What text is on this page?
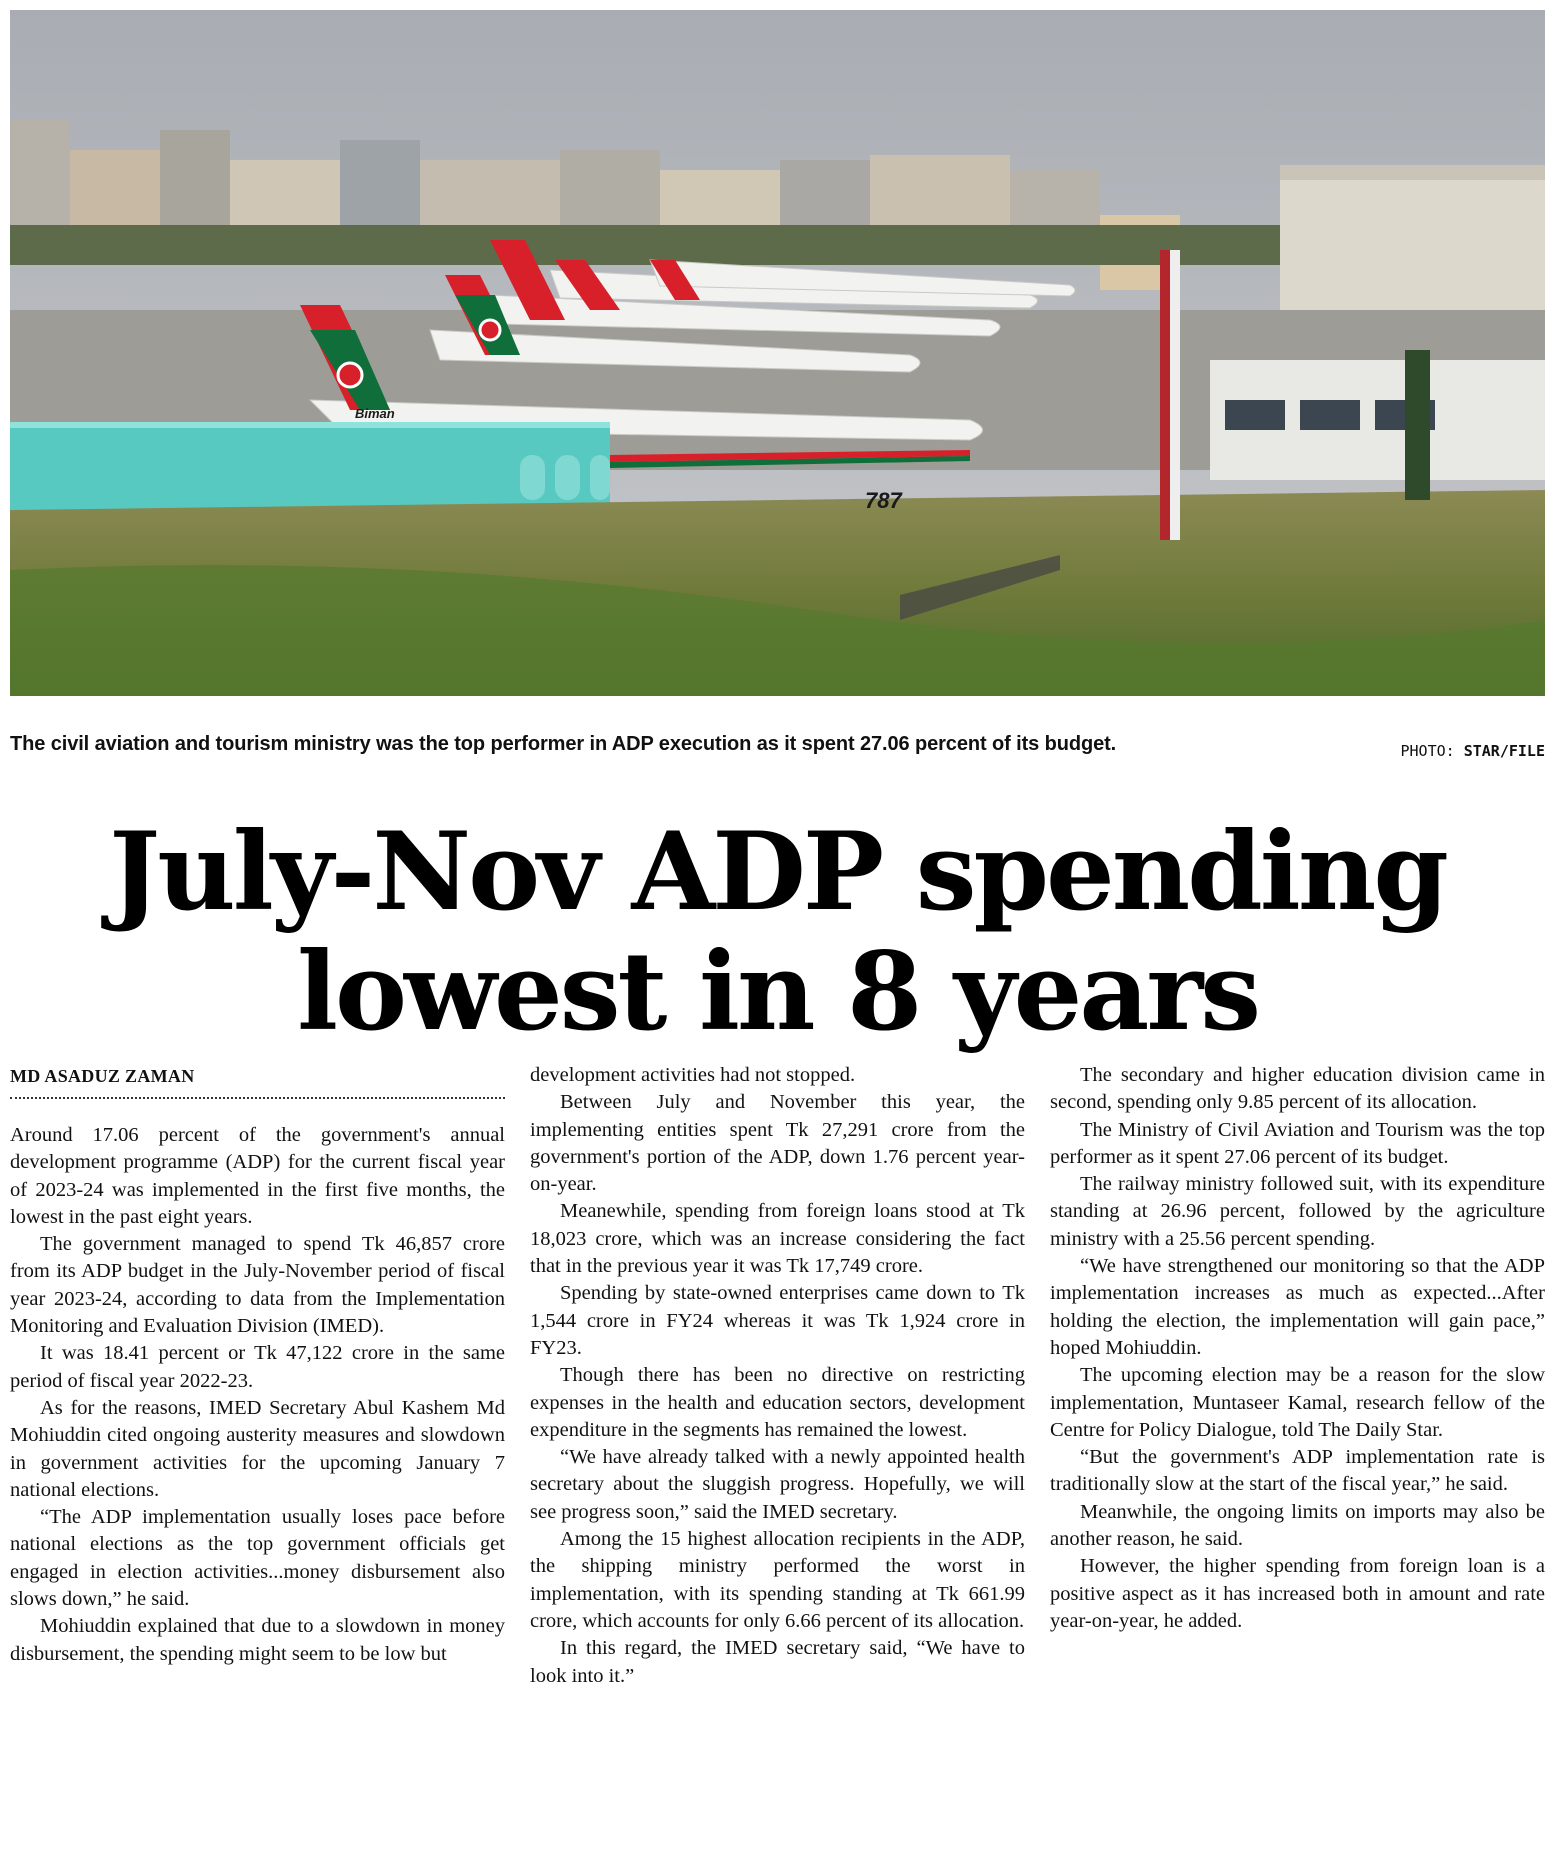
Biman
787
The civil aviation and tourism ministry was the top performer in ADP execution as it spent 27.06 percent of its budget.	PHOTO: STAR/FILE
July-Nov ADP spending
lowest in 8 years
MD ASADUZ ZAMAN

Around 17.06 percent of the government's annual development programme (ADP) for the current fiscal year of 2023-24 was implemented in the first five months, the lowest in the past eight years.

The government managed to spend Tk 46,857 crore from its ADP budget in the July-November period of fiscal year 2023-24, according to data from the Implementation Monitoring and Evaluation Division (IMED).

It was 18.41 percent or Tk 47,122 crore in the same period of fiscal year 2022-23.

As for the reasons, IMED Secretary Abul Kashem Md Mohiuddin cited ongoing austerity measures and slowdown in government activities for the upcoming January 7 national elections.

“The ADP implementation usually loses pace before national elections as the top government officials get engaged in election activities...money disbursement also slows down,” he said.

Mohiuddin explained that due to a slowdown in money disbursement, the spending might seem to be low but

development activities had not stopped.

Between July and November this year, the implementing entities spent Tk 27,291 crore from the government's portion of the ADP, down 1.76 percent year-on-year.

Meanewhile, spending from foreign loans stood at Tk 18,023 crore, which was an increase considering the fact that in the previous year it was Tk 17,749 crore.

Spending by state-owned enterprises came down to Tk 1,544 crore in FY24 whereas it was Tk 1,924 crore in FY23.

Though there has been no directive on restricting expenses in the health and education sectors, development expenditure in the segments has remained the lowest.

“We have already talked with a newly appointed health secretary about the sluggish progress. Hopefully, we will see progress soon,” said the IMED secretary.

Among the 15 highest allocation recipients in the ADP, the shipping ministry performed the worst in implementation, with its spending standing at Tk 661.99 crore, which accounts for only 6.66 percent of its allocation.

In this regard, the IMED secretary said, “We have to look into it.”

The secondary and higher education division came in second, spending only 9.85 percent of its allocation.

The Ministry of Civil Aviation and Tourism was the top performer as it spent 27.06 percent of its budget.

The railway ministry followed suit, with its expenditure standing at 26.96 percent, followed by the agriculture ministry with a 25.56 percent spending.

“We have strengthened our monitoring so that the ADP implementation increases as much as expected...After holding the election, the implementation will gain pace,” hoped Mohiuddin.

The upcoming election may be a reason for the slow implementation, Muntaseer Kamal, research fellow of the Centre for Policy Dialogue, told The Daily Star.

“But the government's ADP implementation rate is traditionally slow at the start of the fiscal year,” he said.

Meanwhile, the ongoing limits on imports may also be another reason, he said.

However, the higher spending from foreign loan is a positive aspect as it has increased both in amount and rate year-on-year, he added.
